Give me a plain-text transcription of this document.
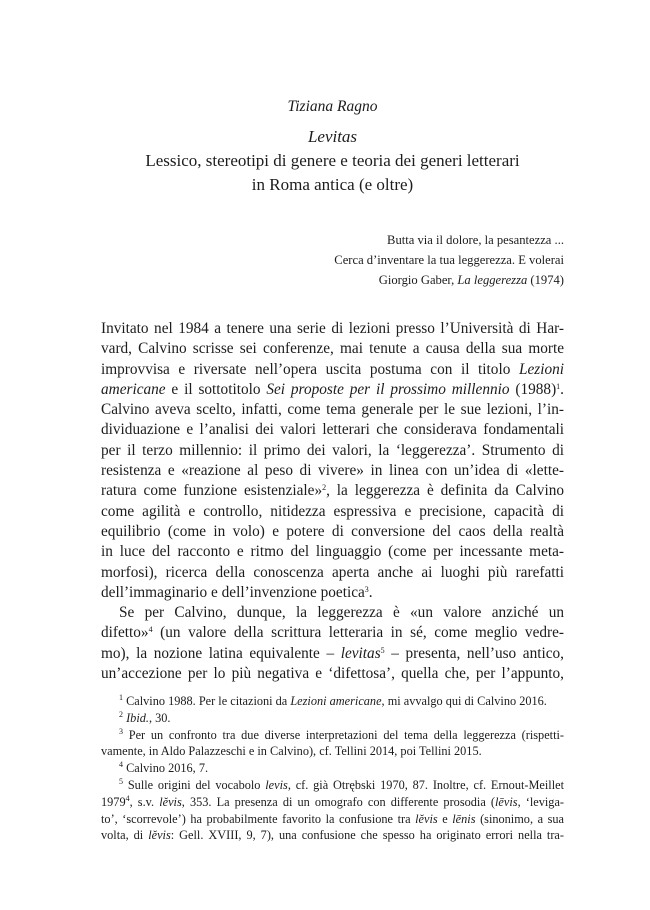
Tiziana Ragno
Levitas
Lessico, stereotipi di genere e teoria dei generi letterari
in Roma antica (e oltre)
Butta via il dolore, la pesantezza ...
Cerca d’inventare la tua leggerezza. E volerai
Giorgio Gaber, La leggerezza (1974)
Invitato nel 1984 a tenere una serie di lezioni presso l’Università di Har-
vard, Calvino scrisse sei conferenze, mai tenute a causa della sua morte
improvvisa e riversate nell’opera uscita postuma con il titolo Lezioni
americane e il sottotitolo Sei proposte per il prossimo millennio $(1988)^1$.
Calvino aveva scelto, infatti, come tema generale per le sue lezioni, l’in-
dividuazione e l’analisi dei valori letterari che considerava fondamentali
per il terzo millennio: il primo dei valori, la ‘leggerezza’. Strumento di
resistenza e «reazione al peso di vivere» in linea con un’idea di «lette-
ratura come funzione esistenziale»$^2$, la leggerezza è definita da Calvino
come agilità e controllo, nitidezza espressiva e precisione, capacità di
equilibrio (come in volo) e potere di conversione del caos della realtà
in luce del racconto e ritmo del linguaggio (come per incessante meta-
morfosi), ricerca della conoscenza aperta anche ai luoghi più rarefatti
dell’immaginario e dell’invenzione poetica$^3$.
Se per Calvino, dunque, la leggerezza è «un valore anziché un
difetto»$^4$ (un valore della scrittura letteraria in sé, come meglio vedre-
mo), la nozione latina equivalente – levitas$^5$ – presenta, nell’uso antico,
un’accezione per lo più negativa e ‘difettosa’, quella che, per l’appunto,
$^1$ Calvino 1988. Per le citazioni da Lezioni americane, mi avvalgo qui di Calvino 2016.
$^2$ Ibid., 30.
$^3$ Per un confronto tra due diverse interpretazioni del tema della leggerezza (rispetti-
vamente, in Aldo Palazzeschi e in Calvino), cf. Tellini 2014, poi Tellini 2015.
$^4$ Calvino 2016, 7.
$^5$ Sulle origini del vocabolo levis, cf. già Otrębski 1970, 87. Inoltre, cf. Ernout-Meillet
1979$^4$, s.v. lĕvis, 353. La presenza di un omografo con differente prosodia (lēvis, ‘leviga-
to’, ‘scorrevole’) ha probabilmente favorito la confusione tra lĕvis e lēnis (sinonimo, a sua
volta, di lĕvis: Gell. XVIII, 9, 7), una confusione che spesso ha originato errori nella tra-
